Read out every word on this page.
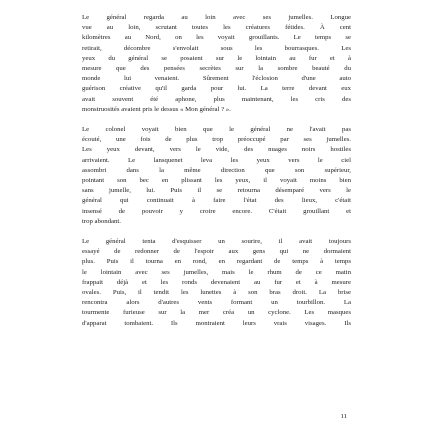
Le général regarda au loin avec ses jumelles. Longue
vue au loin, scrutant toutes les créatures fétides. À cent
kilomètres au Nord, on les voyait grouillants. Le temps se
retirait, décombre s'envolait sous les bourrasques. Les
yeux du général se posaient sur le lointain au fur et à
mesure que des pensées secrètes sur la sombre beauté du
monde lui venaient. Sûrement l'éclosion d'une auto
guérison créative qu'il garda pour lui. La terre devant eux
avait souvent été aphone, plus maintenant, les cris des
monstruosités avaient pris le dessus « Mon général ? ».
Le colonel voyait bien que le général ne l'avait pas
écouté, une fois de plus trop préoccupé par ses jumelles.
Les yeux devant, vers le vide, des nuages noirs hostiles
arrivaient. Le lansquenet leva les yeux vers le ciel
assombri dans la même direction que son supérieur,
pointant son bec en plissant les yeux, il voyait moins bien
sans jumelle, lui. Puis il se retourna désemparé vers le
général qui continuait à faire l'état des lieux, c'était
insensé de pouvoir y croire encore. C'était grouillant et
trop abondant.
Le général tenta d'esquisser un sourire, il avait toujours
essayé de redonner de l'espoir aux gens qui ne dormaient
plus. Puis il tourna en rond, en regardant de temps à temps
le lointain avec ses jumelles, mais le rhum de ce matin
frappait déjà et les ronds devenaient au fur et à mesure
ovales. Puis, il tendit les lunettes à son bras droit. La brise
rencontra alors d'autres vents formant un tourbillon. La
tourmente furieuse sur la mer créa un cyclone. Les masques
d'apparat tombaient. Ils montraient leurs vrais visages. Ils
11
